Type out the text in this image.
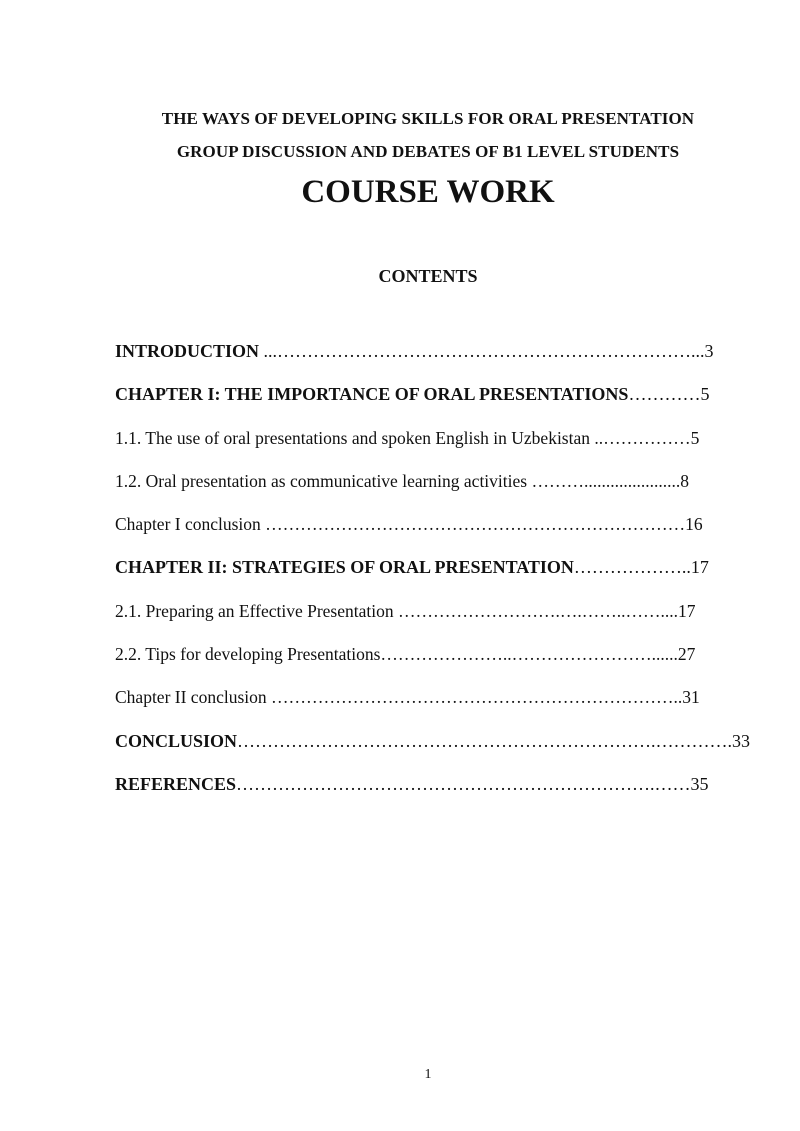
THE WAYS OF DEVELOPING SKILLS FOR ORAL PRESENTATION
GROUP DISCUSSION AND DEBATES OF B1 LEVEL STUDENTS
COURSE WORK
CONTENTS
INTRODUCTION ...……………………………………………………………...3
CHAPTER I: THE IMPORTANCE OF ORAL PRESENTATIONS…………5
1.1. The use of oral presentations and spoken English in Uzbekistan ..……………5
1.2. Oral presentation as communicative learning activities ………......................8
Chapter I conclusion ………………………………………………………………16
CHAPTER II: STRATEGIES OF ORAL PRESENTATION………………..17
2.1. Preparing an Effective Presentation ……………………….….……..……....17
2.2. Tips for developing Presentations…………………..……………………......27
Chapter II conclusion ……………………………………………………………..31
CONCLUSION…………………………………………………………….………….33
REFERENCES…………………………………………………………….……35
1
